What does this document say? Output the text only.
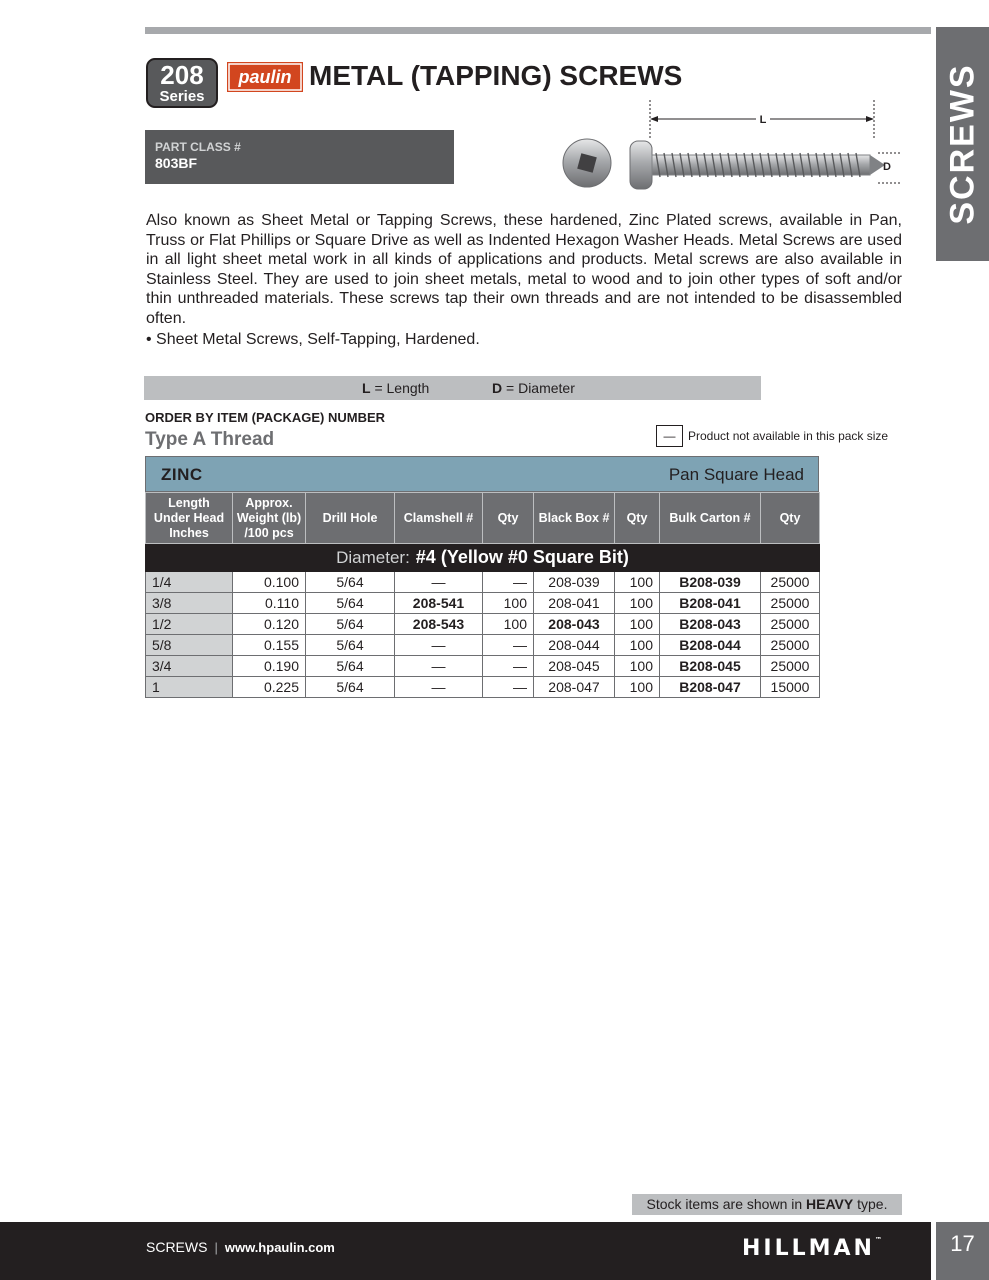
SCREWS
208
Series
paulin METAL (TAPPING) SCREWS
PART CLASS #
803BF
L
D

Also known as Sheet Metal or Tapping Screws, these hardened, Zinc Plated screws, available in Pan, Truss or Flat Phillips or Square Drive as well as Indented Hexagon Washer Heads. Metal Screws are used in all light sheet metal work in all kinds of applications and products. Metal screws are also available in Stainless Steel. They are used to join sheet metals, metal to wood and to join other types of soft and/or thin unthreaded materials. These screws tap their own threads and are not intended to be disassembled often.

• Sheet Metal Screws, Self-Tapping, Hardened.

L = Length	D = Diameter
ORDER BY ITEM (PACKAGE) NUMBER
Type A Thread	—	Product not available in this pack size
ZINC	Pan Square Head
Length
Under Head
Inches	Approx.
Weight (lb)
/100 pcs	Drill Hole	Clamshell #	Qty	Black Box #	Qty	Bulk Carton #	Qty
Diameter: #4 (Yellow #0 Square Bit)								
1/4	0.100	5/64	—	—	208-039	100	B208-039	25000
3/8	0.110	5/64	208-541	100	208-041	100	B208-041	25000
1/2	0.120	5/64	208-543	100	208-043	100	B208-043	25000
5/8	0.155	5/64	—	—	208-044	100	B208-044	25000
3/4	0.190	5/64	—	—	208-045	100	B208-045	25000
1	0.225	5/64	—	—	208-047	100	B208-047	15000
Stock items are shown in HEAVY type.
SCREWS | www.hpaulin.com	HILLMAN™	17
